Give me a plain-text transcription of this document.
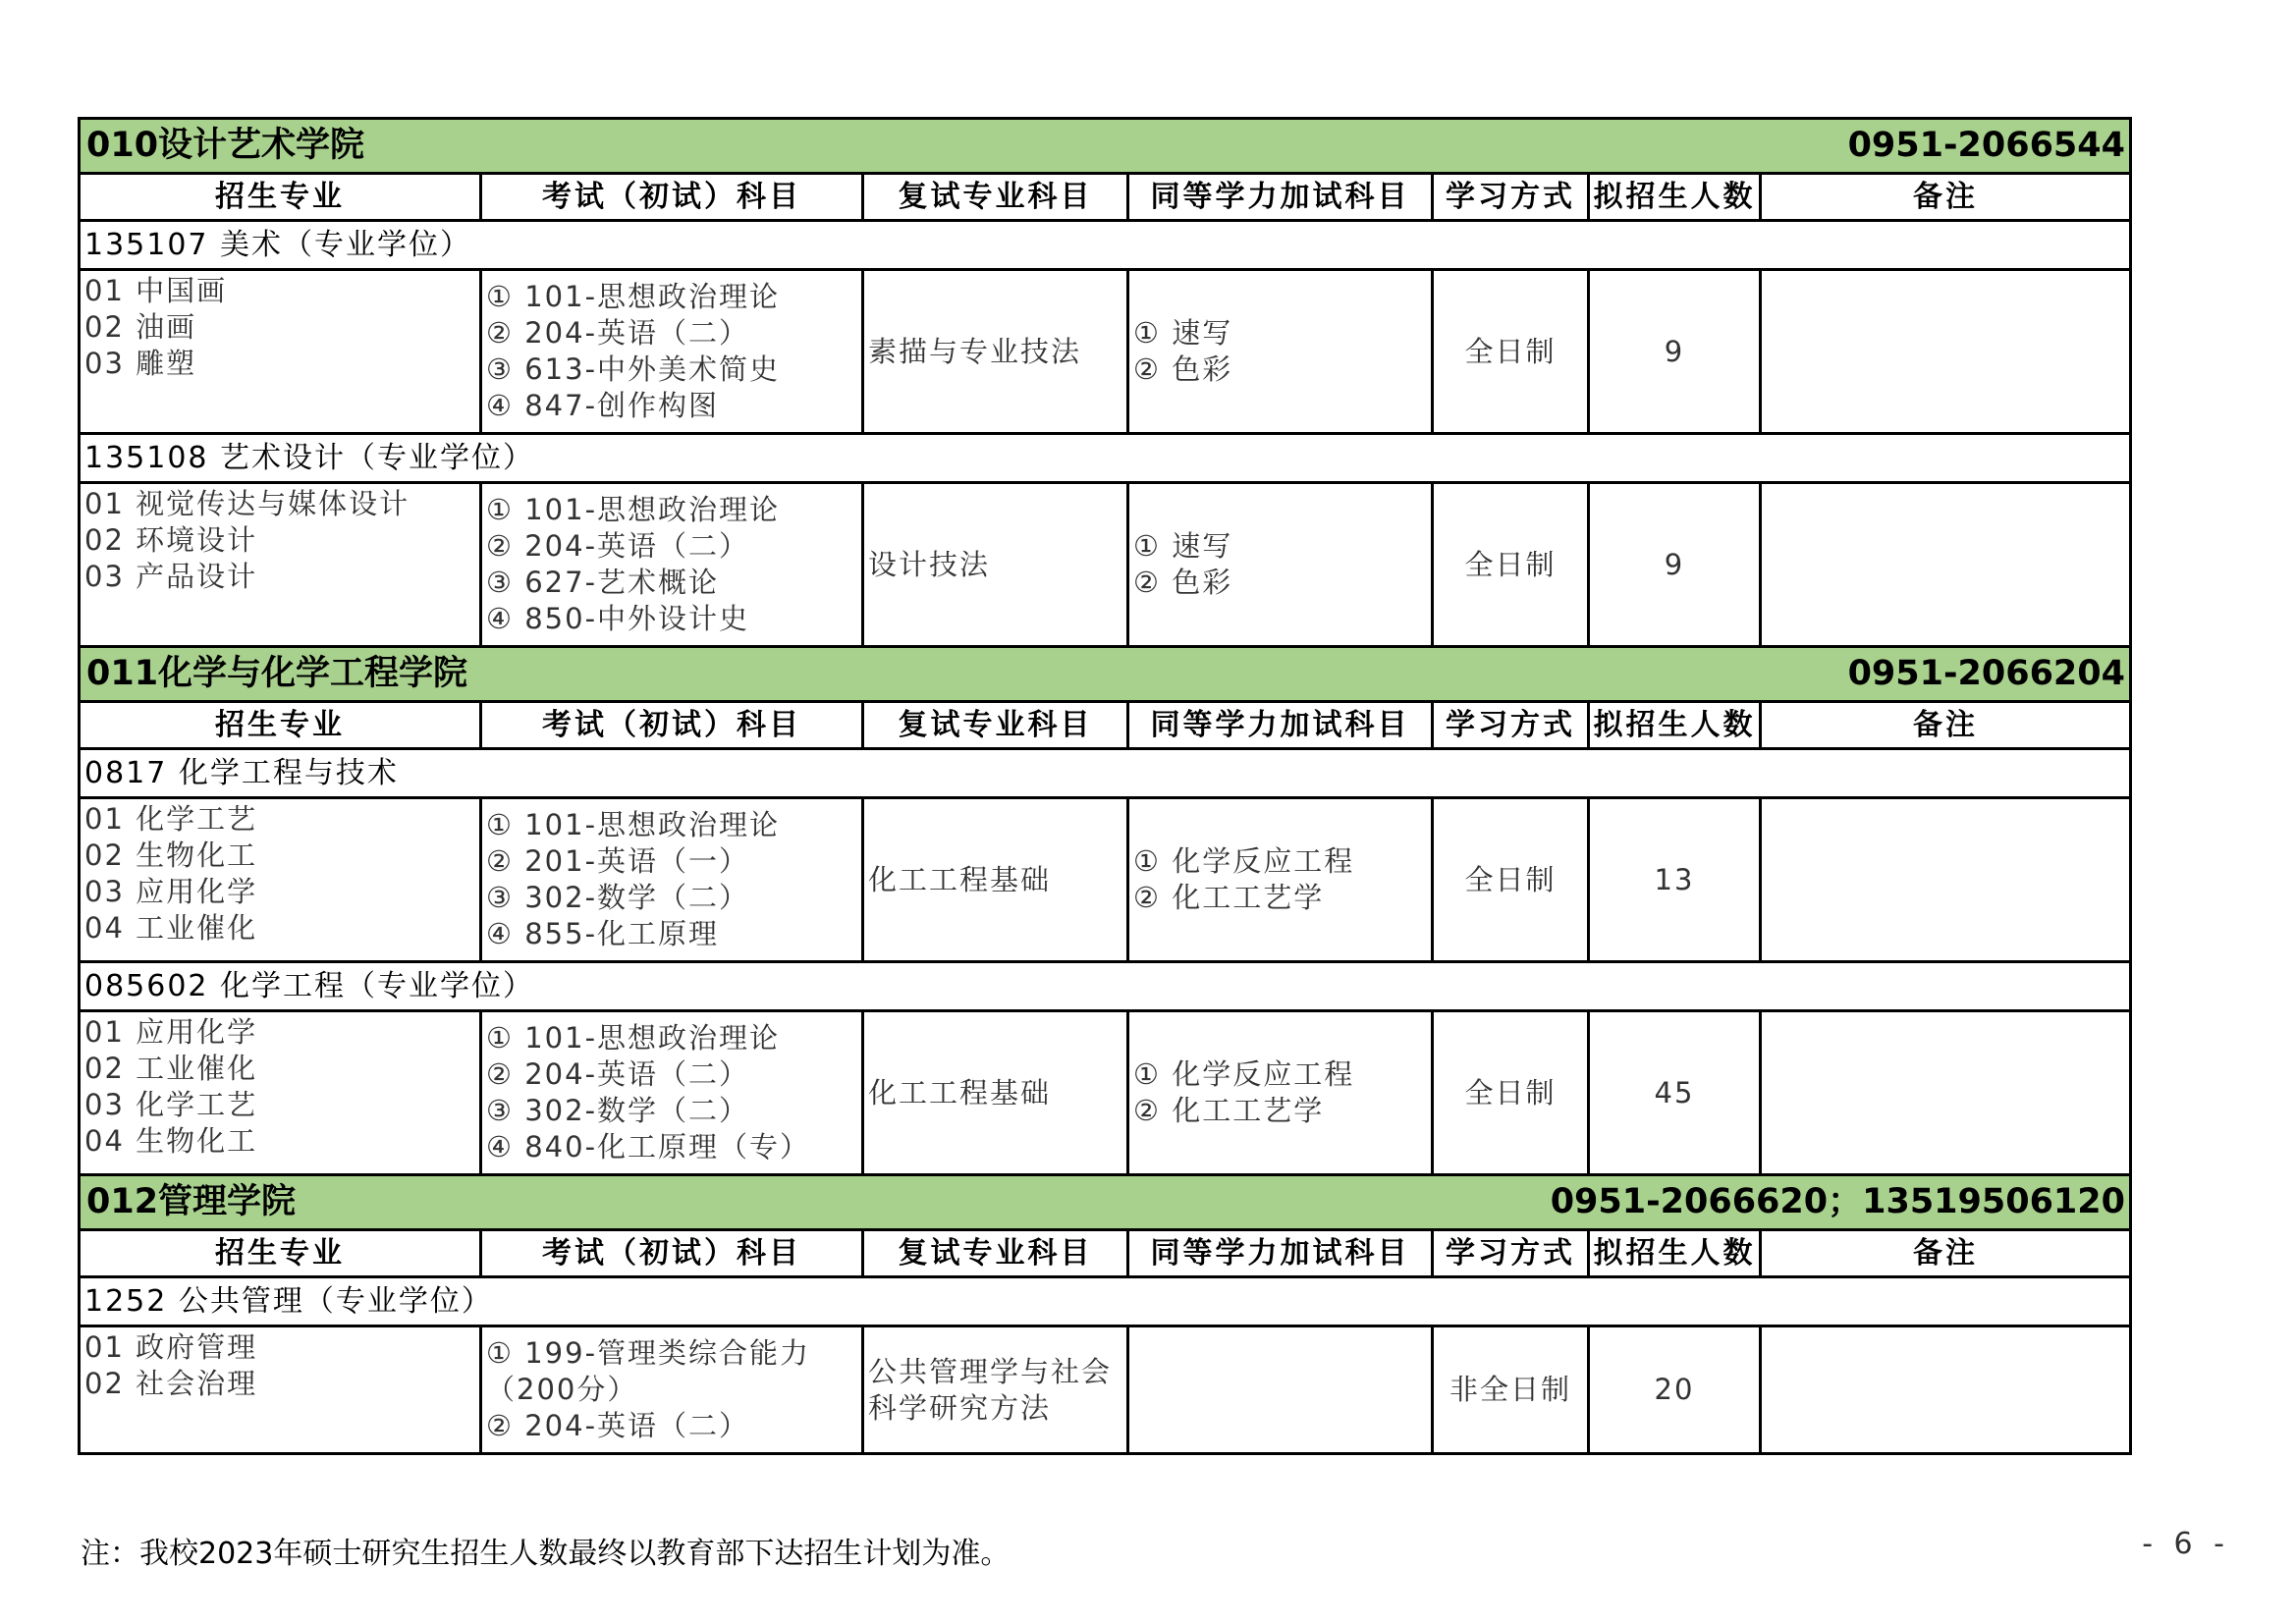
010设计艺术学院 0951-2066544						

招生专业	考试（初试）科目	复试专业科目	同等学力加试科目	学习方式	拟招生人数	备注
135107 美术（专业学位）						

01 中国画
02 油画
03 雕塑	① 101-思想政治理论
② 204-英语（二）
③ 613-中外美术简史
④ 847-创作构图	素描与专业技法	① 速写
② 色彩	全日制	9	
135108 艺术设计（专业学位）						

01 视觉传达与媒体设计
02 环境设计
03 产品设计	① 101-思想政治理论
② 204-英语（二）
③ 627-艺术概论
④ 850-中外设计史	设计技法	① 速写
② 色彩	全日制	9	

011化学与化学工程学院 0951-2066204						

招生专业	考试（初试）科目	复试专业科目	同等学力加试科目	学习方式	拟招生人数	备注
0817 化学工程与技术						

01 化学工艺
02 生物化工
03 应用化学
04 工业催化	① 101-思想政治理论
② 201-英语（一）
③ 302-数学（二）
④ 855-化工原理	化工工程基础	① 化学反应工程
② 化工工艺学	全日制	13	
085602 化学工程（专业学位）						

01 应用化学
02 工业催化
03 化学工艺
04 生物化工	① 101-思想政治理论
② 204-英语（二）
③ 302-数学（二）
④ 840-化工原理（专）	化工工程基础	① 化学反应工程
② 化工工艺学	全日制	45	

012管理学院 0951-2066620；13519506120						

招生专业	考试（初试）科目	复试专业科目	同等学力加试科目	学习方式	拟招生人数	备注
1252 公共管理（专业学位）						

01 政府管理
02 社会治理	① 199-管理类综合能力
（200分）
② 204-英语（二）	公共管理学与社会
科学研究方法		非全日制	20	
注：我校2023年硕士研究生招生人数最终以教育部下达招生计划为准。	- 6 -
